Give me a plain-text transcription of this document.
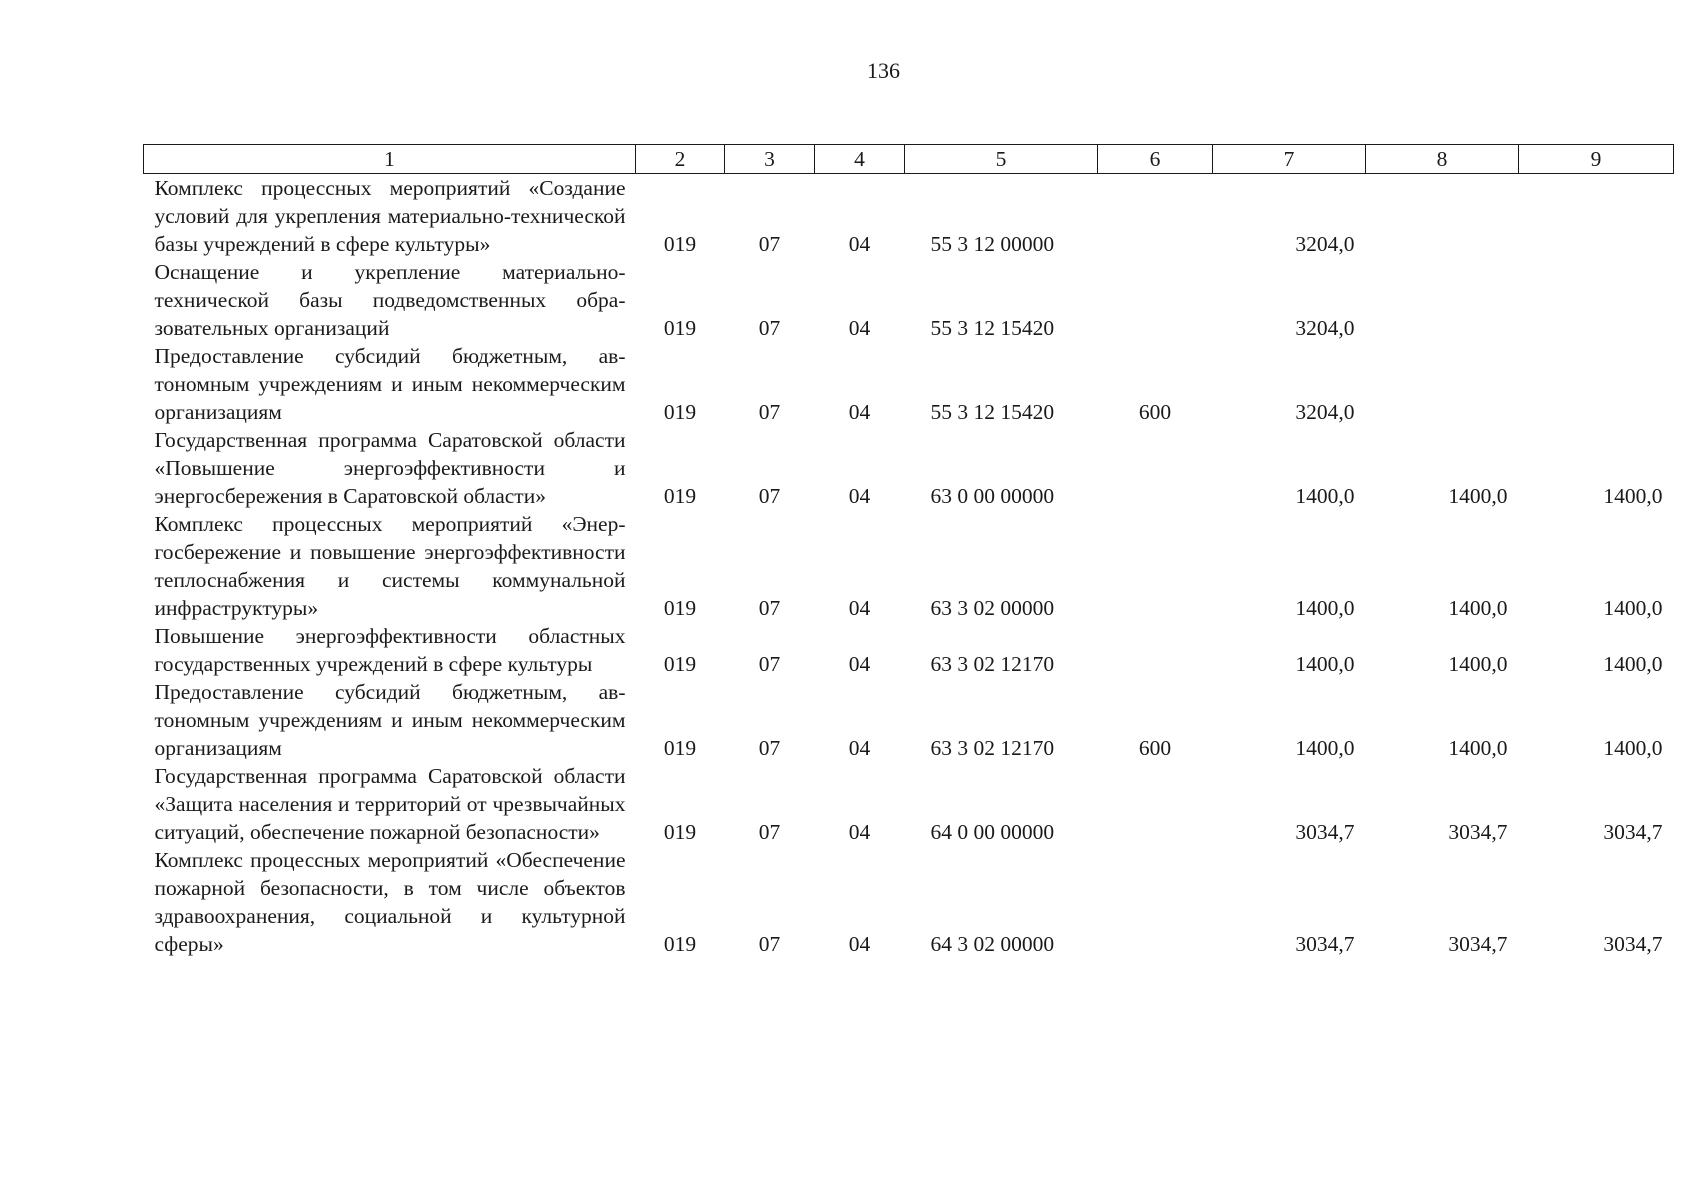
136
1	2	3	4	5	6	7	8	9
Комплекс процессных мероприятий «Создание условий для укрепления материально-технической базы учреждений в сфере культуры»	019	07	04	55 3 12 00000		3204,0		
Оснащение и укрепление материально-технической базы подведомственных образовательных организаций	019	07	04	55 3 12 15420		3204,0		
Предоставление субсидий бюджетным, автономным учреждениям и иным некоммерческим организациям	019	07	04	55 3 12 15420	600	3204,0		
Государственная программа Саратовской области «Повышение энергоэффективности и энергосбережения в Саратовской области»	019	07	04	63 0 00 00000		1400,0	1400,0	1400,0
Комплекс процессных мероприятий «Энергосбережение и повышение энергоэффективности теплоснабжения и системы коммунальной инфраструктуры»	019	07	04	63 3 02 00000		1400,0	1400,0	1400,0
Повышение энергоэффективности областных государственных учреждений в сфере культуры	019	07	04	63 3 02 12170		1400,0	1400,0	1400,0
Предоставление субсидий бюджетным, автономным учреждениям и иным некоммерческим организациям	019	07	04	63 3 02 12170	600	1400,0	1400,0	1400,0
Государственная программа Саратовской области «Защита населения и территорий от чрезвычайных ситуаций, обеспечение пожарной безопасности»	019	07	04	64 0 00 00000		3034,7	3034,7	3034,7
Комплекс процессных мероприятий «Обеспечение пожарной безопасности, в том числе объектов здравоохранения, социальной и культурной сферы»	019	07	04	64 3 02 00000		3034,7	3034,7	3034,7
